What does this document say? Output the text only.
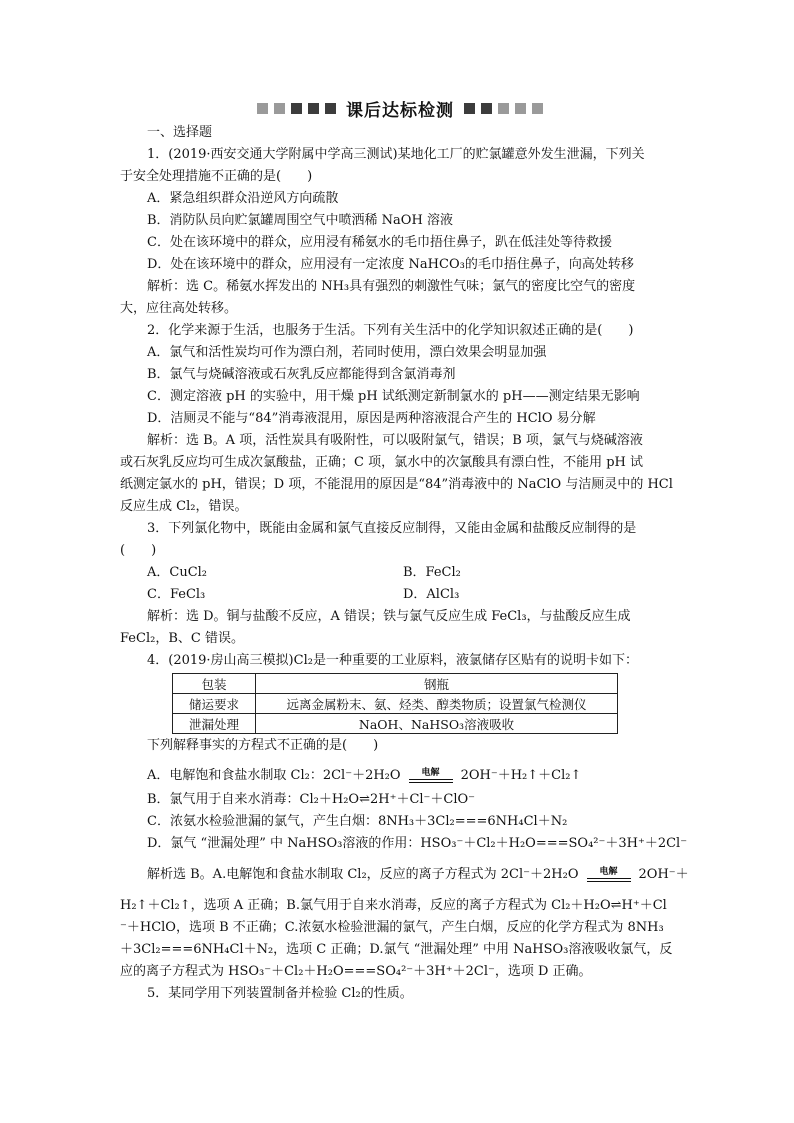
课后达标检测
一、选择题
1．(2019·西安交通大学附属中学高三测试)某地化工厂的贮氯罐意外发生泄漏，下列关
于安全处理措施不正确的是(　　)
A．紧急组织群众沿逆风方向疏散
B．消防队员向贮氯罐周围空气中喷洒稀 NaOH 溶液
C．处在该环境中的群众，应用浸有稀氨水的毛巾捂住鼻子，趴在低洼处等待救援
D．处在该环境中的群众，应用浸有一定浓度 NaHCO₃的毛巾捂住鼻子，向高处转移
解析：选 C。稀氨水挥发出的 NH₃具有强烈的刺激性气味；氯气的密度比空气的密度
大，应往高处转移。
2．化学来源于生活，也服务于生活。下列有关生活中的化学知识叙述正确的是(　　)
A．氯气和活性炭均可作为漂白剂，若同时使用，漂白效果会明显加强
B．氯气与烧碱溶液或石灰乳反应都能得到含氯消毒剂
C．测定溶液 pH 的实验中，用干燥 pH 试纸测定新制氯水的 pH——测定结果无影响
D．洁厕灵不能与“84”消毒液混用，原因是两种溶液混合产生的 HClO 易分解
解析：选 B。A 项，活性炭具有吸附性，可以吸附氯气，错误；B 项，氯气与烧碱溶液
或石灰乳反应均可生成次氯酸盐，正确；C 项，氯水中的次氯酸具有漂白性，不能用 pH 试
纸测定氯水的 pH，错误；D 项，不能混用的原因是“84”消毒液中的 NaClO 与洁厕灵中的 HCl
反应生成 Cl₂，错误。
3．下列氯化物中，既能由金属和氯气直接反应制得，又能由金属和盐酸反应制得的是
(　　)
A．CuCl₂	B．FeCl₂
C．FeCl₃	D．AlCl₃
解析：选 D。铜与盐酸不反应，A 错误；铁与氯气反应生成 FeCl₃，与盐酸反应生成
FeCl₂，B、C 错误。
4．(2019·房山高三模拟)Cl₂是一种重要的工业原料，液氯储存区贴有的说明卡如下：
包装	钢瓶
储运要求	远离金属粉末、氨、烃类、醇类物质；设置氯气检测仪
泄漏处理	NaOH、NaHSO₃溶液吸收
下列解释事实的方程式不正确的是(　　)
A．电解饱和食盐水制取 Cl₂：2Cl⁻＋2H₂O 电解 2OH⁻＋H₂↑＋Cl₂↑
B．氯气用于自来水消毒：Cl₂＋H₂O⇌2H⁺＋Cl⁻＋ClO⁻
C．浓氨水检验泄漏的氯气，产生白烟：8NH₃＋3Cl₂===6NH₄Cl＋N₂
D．氯气 “泄漏处理” 中 NaHSO₃溶液的作用：HSO₃⁻＋Cl₂＋H₂O===SO₄²⁻＋3H⁺＋2Cl⁻
解析选 B。A.电解饱和食盐水制取 Cl₂，反应的离子方程式为 2Cl⁻＋2H₂O 电解 2OH⁻＋
H₂↑＋Cl₂↑，选项 A 正确；B.氯气用于自来水消毒，反应的离子方程式为 Cl₂＋H₂O⇌H⁺＋Cl
⁻＋HClO，选项 B 不正确；C.浓氨水检验泄漏的氯气，产生白烟，反应的化学方程式为 8NH₃
＋3Cl₂===6NH₄Cl＋N₂，选项 C 正确；D.氯气 “泄漏处理” 中用 NaHSO₃溶液吸收氯气，反
应的离子方程式为 HSO₃⁻＋Cl₂＋H₂O===SO₄²⁻＋3H⁺＋2Cl⁻，选项 D 正确。
5．某同学用下列装置制备并检验 Cl₂的性质。
